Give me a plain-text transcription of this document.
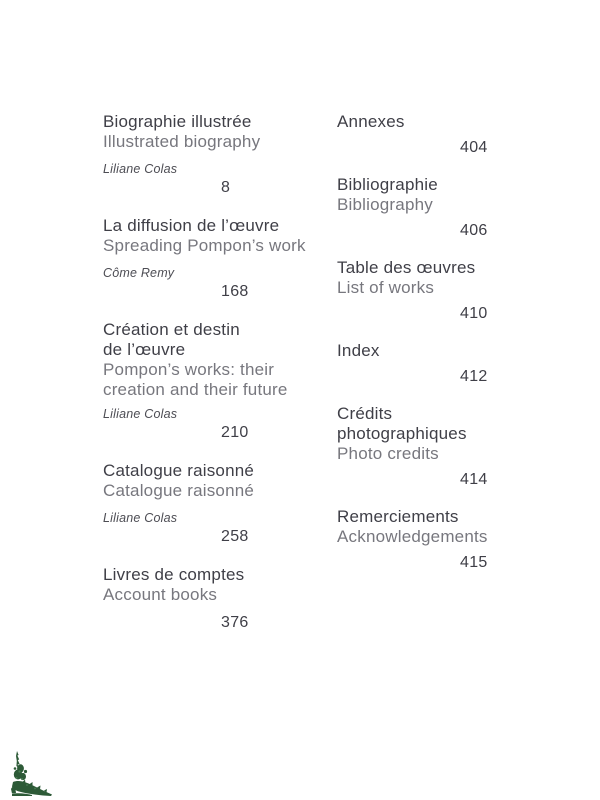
Biographie illustrée
Illustrated biography
Liliane Colas
8
La diffusion de l’œuvre
Spreading Pompon’s work
Côme Remy
168
Création et destin
de l’œuvre
Pompon’s works: their
creation and their future
Liliane Colas
210
Catalogue raisonné
Catalogue raisonné
Liliane Colas
258
Livres de comptes
Account books
376
Annexes
404
Bibliographie
Bibliography
406
Table des œuvres
List of works
410
Index
412
Crédits
photographiques
Photo credits
414
Remerciements
Acknowledgements
415
